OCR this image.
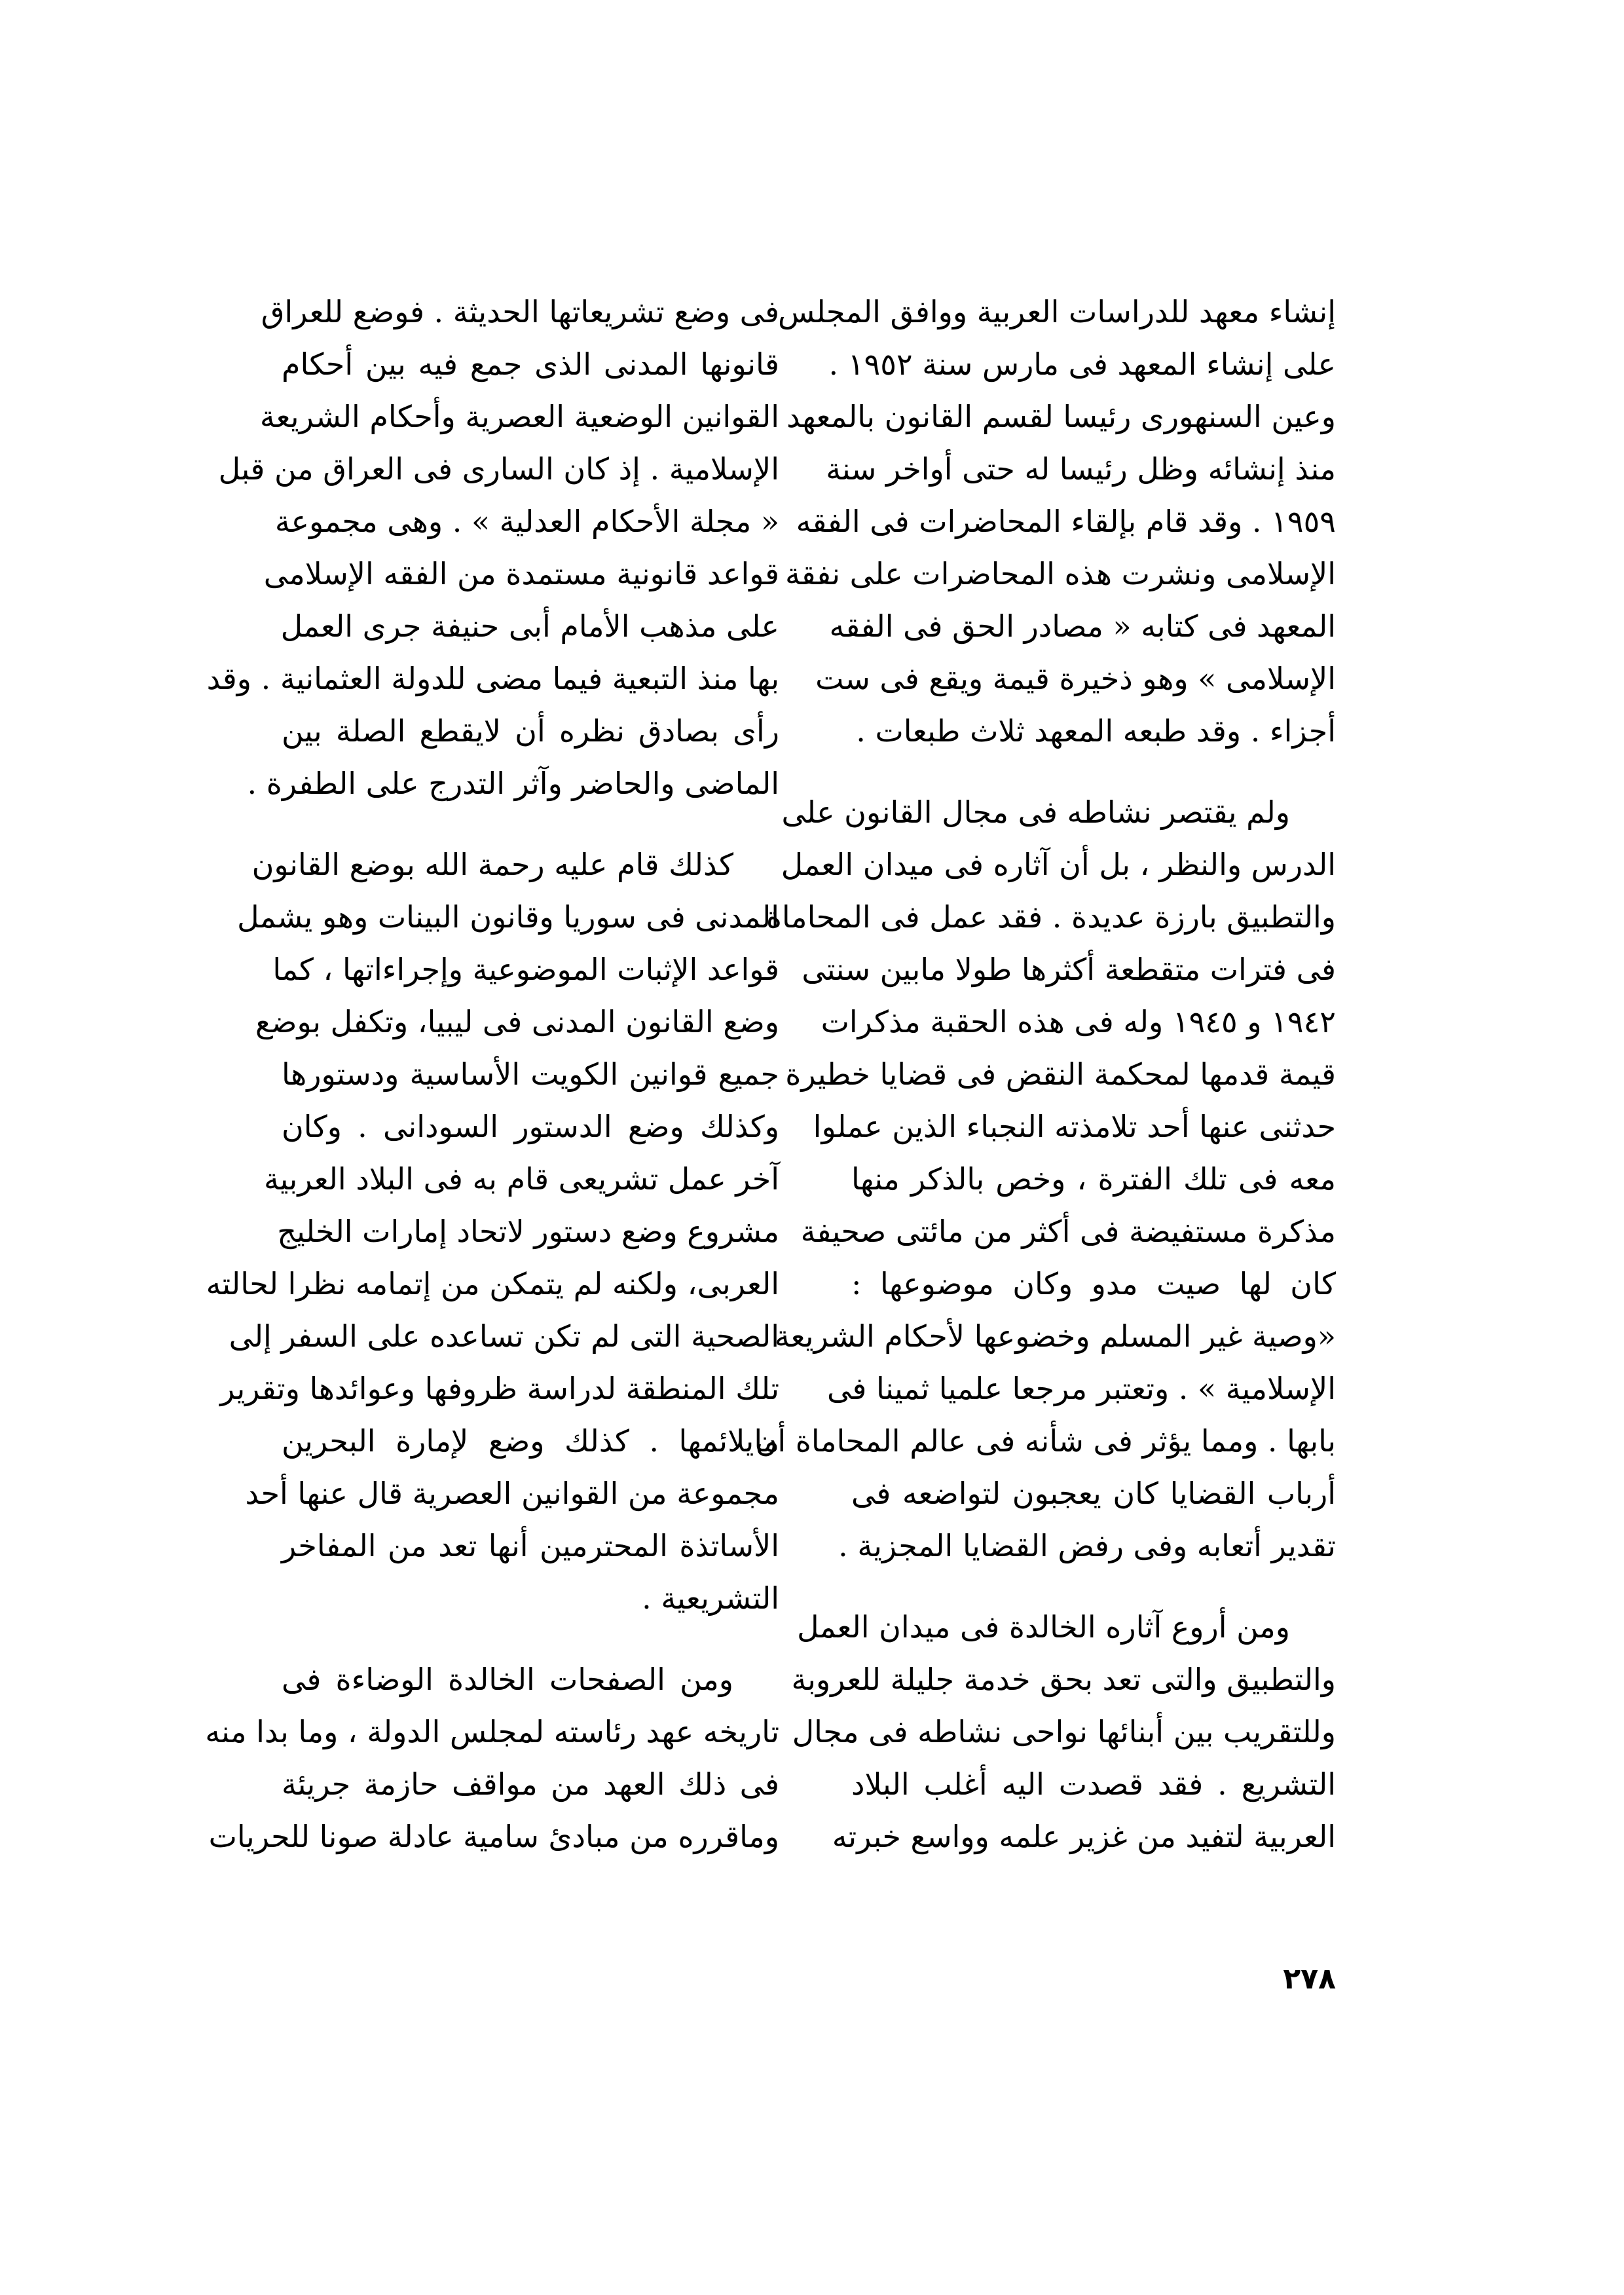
إنشاء معهد للدراسات العربية ووافق المجلس
على إنشاء المعهد فى مارس سنة ١٩٥٢ .
وعين السنهورى رئيسا لقسم القانون بالمعهد
منذ إنشائه وظل رئيسا له حتى أواخر سنة
١٩٥٩ . وقد قام بإلقاء المحاضرات فى الفقه
الإسلامى ونشرت هذه المحاضرات على نفقة
المعهد فى كتابه « مصادر الحق فى الفقه
الإسلامى » وهو ذخيرة قيمة ويقع فى ست
أجزاء . وقد طبعه المعهد ثلاث طبعات .
ولم يقتصر نشاطه فى مجال القانون على
الدرس والنظر ، بل أن آثاره فى ميدان العمل
والتطبيق بارزة عديدة . فقد عمل فى المحاماة
فى فترات متقطعة أكثرها طولا مابين سنتى
١٩٤٢ و ١٩٤٥ وله فى هذه الحقبة مذكرات
قيمة قدمها لمحكمة النقض فى قضايا خطيرة
حدثنى عنها أحد تلامذته النجباء الذين عملوا
معه فى تلك الفترة ، وخص بالذكر منها
مذكرة مستفيضة فى أكثر من مائتى صحيفة
كان لها صيت مدو وكان موضوعها :
«وصية غير المسلم وخضوعها لأحكام الشريعة
الإسلامية » . وتعتبر مرجعا علميا ثمينا فى
بابها . ومما يؤثر فى شأنه فى عالم المحاماة أن
أرباب القضايا كان يعجبون لتواضعه فى
تقدير أتعابه وفى رفض القضايا المجزية .
ومن أروع آثاره الخالدة فى ميدان العمل
والتطبيق والتى تعد بحق خدمة جليلة للعروبة
وللتقريب بين أبنائها نواحى نشاطه فى مجال
التشريع . فقد قصدت اليه أغلب البلاد
العربية لتفيد من غزير علمه وواسع خبرته
فى وضع تشريعاتها الحديثة . فوضع للعراق
قانونها المدنى الذى جمع فيه بين أحكام
القوانين الوضعية العصرية وأحكام الشريعة
الإسلامية . إذ كان السارى فى العراق من قبل
« مجلة الأحكام العدلية » . وهى مجموعة
قواعد قانونية مستمدة من الفقه الإسلامى
على مذهب الأمام أبى حنيفة جرى العمل
بها منذ التبعية فيما مضى للدولة العثمانية . وقد
رأى بصادق نظره أن لايقطع الصلة بين
الماضى والحاضر وآثر التدرج على الطفرة .
كذلك قام عليه رحمة الله بوضع القانون
المدنى فى سوريا وقانون البينات وهو يشمل
قواعد الإثبات الموضوعية وإجراءاتها ، كما
وضع القانون المدنى فى ليبيا، وتكفل بوضع
جميع قوانين الكويت الأساسية ودستورها
وكذلك وضع الدستور السودانى . وكان
آخر عمل تشريعى قام به فى البلاد العربية
مشروع وضع دستور لاتحاد إمارات الخليج
العربى، ولكنه لم يتمكن من إتمامه نظرا لحالته
الصحية التى لم تكن تساعده على السفر إلى
تلك المنطقة لدراسة ظروفها وعوائدها وتقرير
مايلائمها . كذلك وضع لإمارة البحرين
مجموعة من القوانين العصرية قال عنها أحد
الأساتذة المحترمين أنها تعد من المفاخر
التشريعية .
ومن الصفحات الخالدة الوضاءة فى
تاريخه عهد رئاسته لمجلس الدولة ، وما بدا منه
فى ذلك العهد من مواقف حازمة جريئة
وماقرره من مبادئ سامية عادلة صونا للحريات
٢٧٨
